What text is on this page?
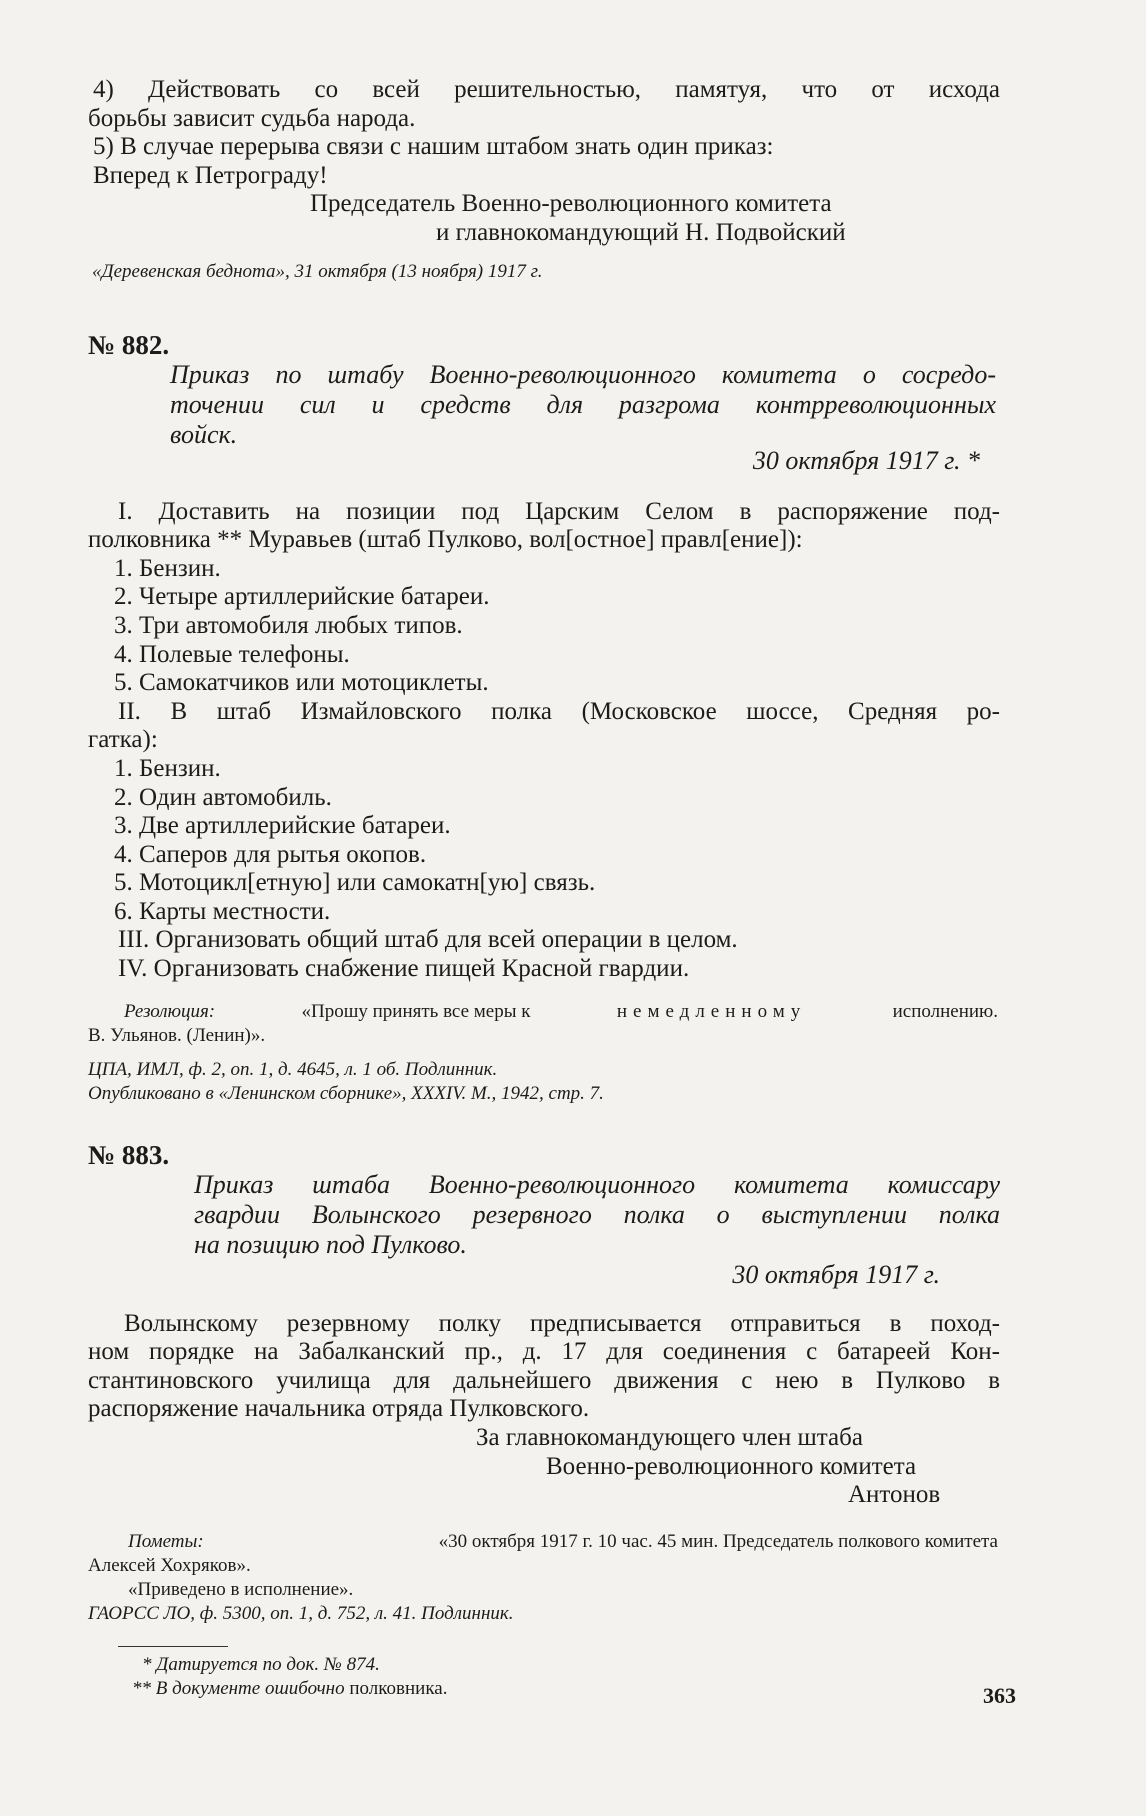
4) Действовать со всей решительностью, памятуя, что от исхода
борьбы зависит судьба народа.
5) В случае перерыва связи с нашим штабом знать один приказ:
Вперед к Петрограду!
Председатель Военно-революционного комитета
и главнокомандующий Н. Подвойский
«Деревенская беднота», 31 октября (13 ноября) 1917 г.
№ 882.
Приказ по штабу Военно-революционного комитета о сосредо-
точении сил и средств для разгрома контрреволюционных
войск.
30 октября 1917 г. *
I. Доставить на позиции под Царским Селом в распоряжение под-
полковника ** Муравьев (штаб Пулково, вол[остное] правл[ение]):
1. Бензин.
2. Четыре артиллерийские батареи.
3. Три автомобиля любых типов.
4. Полевые телефоны.
5. Самокатчиков или мотоциклеты.
II. В штаб Измайловского полка (Московское шоссе, Средняя ро-
гатка):
1. Бензин.
2. Один автомобиль.
3. Две артиллерийские батареи.
4. Саперов для рытья окопов.
5. Мотоцикл[етную] или самокатн[ую] связь.
6. Карты местности.
III. Организовать общий штаб для всей операции в целом.
IV. Организовать снабжение пищей Красной гвардии.
Резолюция:	«Прошу принять все меры к	немедленному	исполнению.
В. Ульянов. (Ленин)».
ЦПА, ИМЛ, ф. 2, оп. 1, д. 4645, л. 1 об. Подлинник.
Опубликовано в «Ленинском сборнике», XXXIV. М., 1942, стр. 7.
№ 883.
Приказ штаба Военно-революционного комитета комиссару
гвардии Волынского резервного полка о выступлении полка
на позицию под Пулково.
30 октября 1917 г.
Волынскому резервному полку предписывается отправиться в поход-
ном порядке на Забалканский пр., д. 17 для соединения с батареей Кон-
стантиновского училища для дальнейшего движения с нею в Пулково в
распоряжение начальника отряда Пулковского.
За главнокомандующего член штаба
Военно-революционного комитета
Антонов
Пометы:	«30 октября 1917 г. 10 час. 45 мин. Председатель полкового комитета
Алексей Хохряков».
«Приведено в исполнение».
ГАОРСС ЛО, ф. 5300, оп. 1, д. 752, л. 41. Подлинник.
* Датируется по док. № 874.
** В документе ошибочно полковника.	363
